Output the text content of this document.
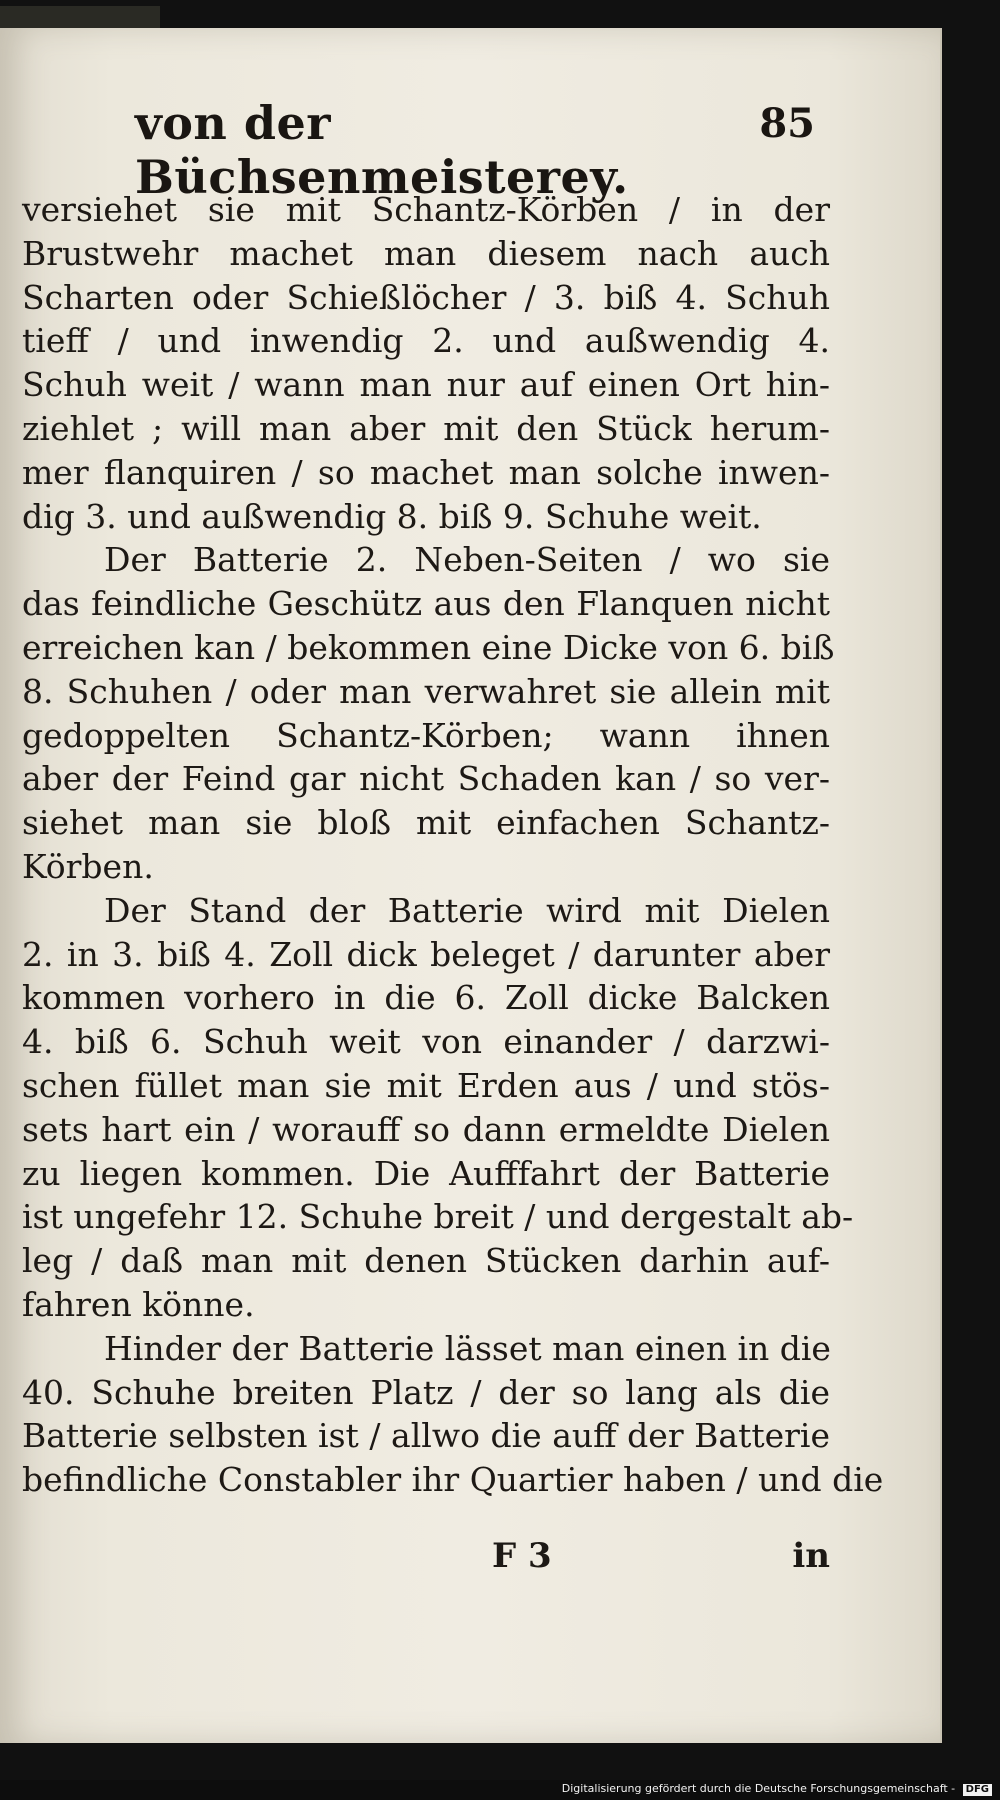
von der Büchsenmeisterey.
85
versiehet sie mit Schantz-Körben / in der
Brustwehr machet man diesem nach auch
Scharten oder Schießlöcher / 3. biß 4. Schuh
tieff / und inwendig 2. und außwendig 4.
Schuh weit / wann man nur auf einen Ort hin-
ziehlet ; will man aber mit den Stück herum-
mer flanquiren / so machet man solche inwen-
dig 3. und außwendig 8. biß 9. Schuhe weit.
Der Batterie 2. Neben-Seiten / wo sie
das feindliche Geschütz aus den Flanquen nicht
erreichen kan / bekommen eine Dicke von 6. biß
8. Schuhen / oder man verwahret sie allein mit
gedoppelten Schantz-Körben; wann ihnen
aber der Feind gar nicht Schaden kan / so ver-
siehet man sie bloß mit einfachen Schantz-
Körben.
Der Stand der Batterie wird mit Dielen
2. in 3. biß 4. Zoll dick beleget / darunter aber
kommen vorhero in die 6. Zoll dicke Balcken
4. biß 6. Schuh weit von einander / darzwi-
schen füllet man sie mit Erden aus / und stös-
sets hart ein / worauff so dann ermeldte Dielen
zu liegen kommen. Die Aufffahrt der Batterie
ist ungefehr 12. Schuhe breit / und dergestalt ab-
leg / daß man mit denen Stücken darhin auf-
fahren könne.
Hinder der Batterie lässet man einen in die
40. Schuhe breiten Platz / der so lang als die
Batterie selbsten ist / allwo die auff der Batterie
befindliche Constabler ihr Quartier haben / und die
F 3	in
Digitalisierung gefördert durch die Deutsche Forschungsgemeinschaft - DFG
